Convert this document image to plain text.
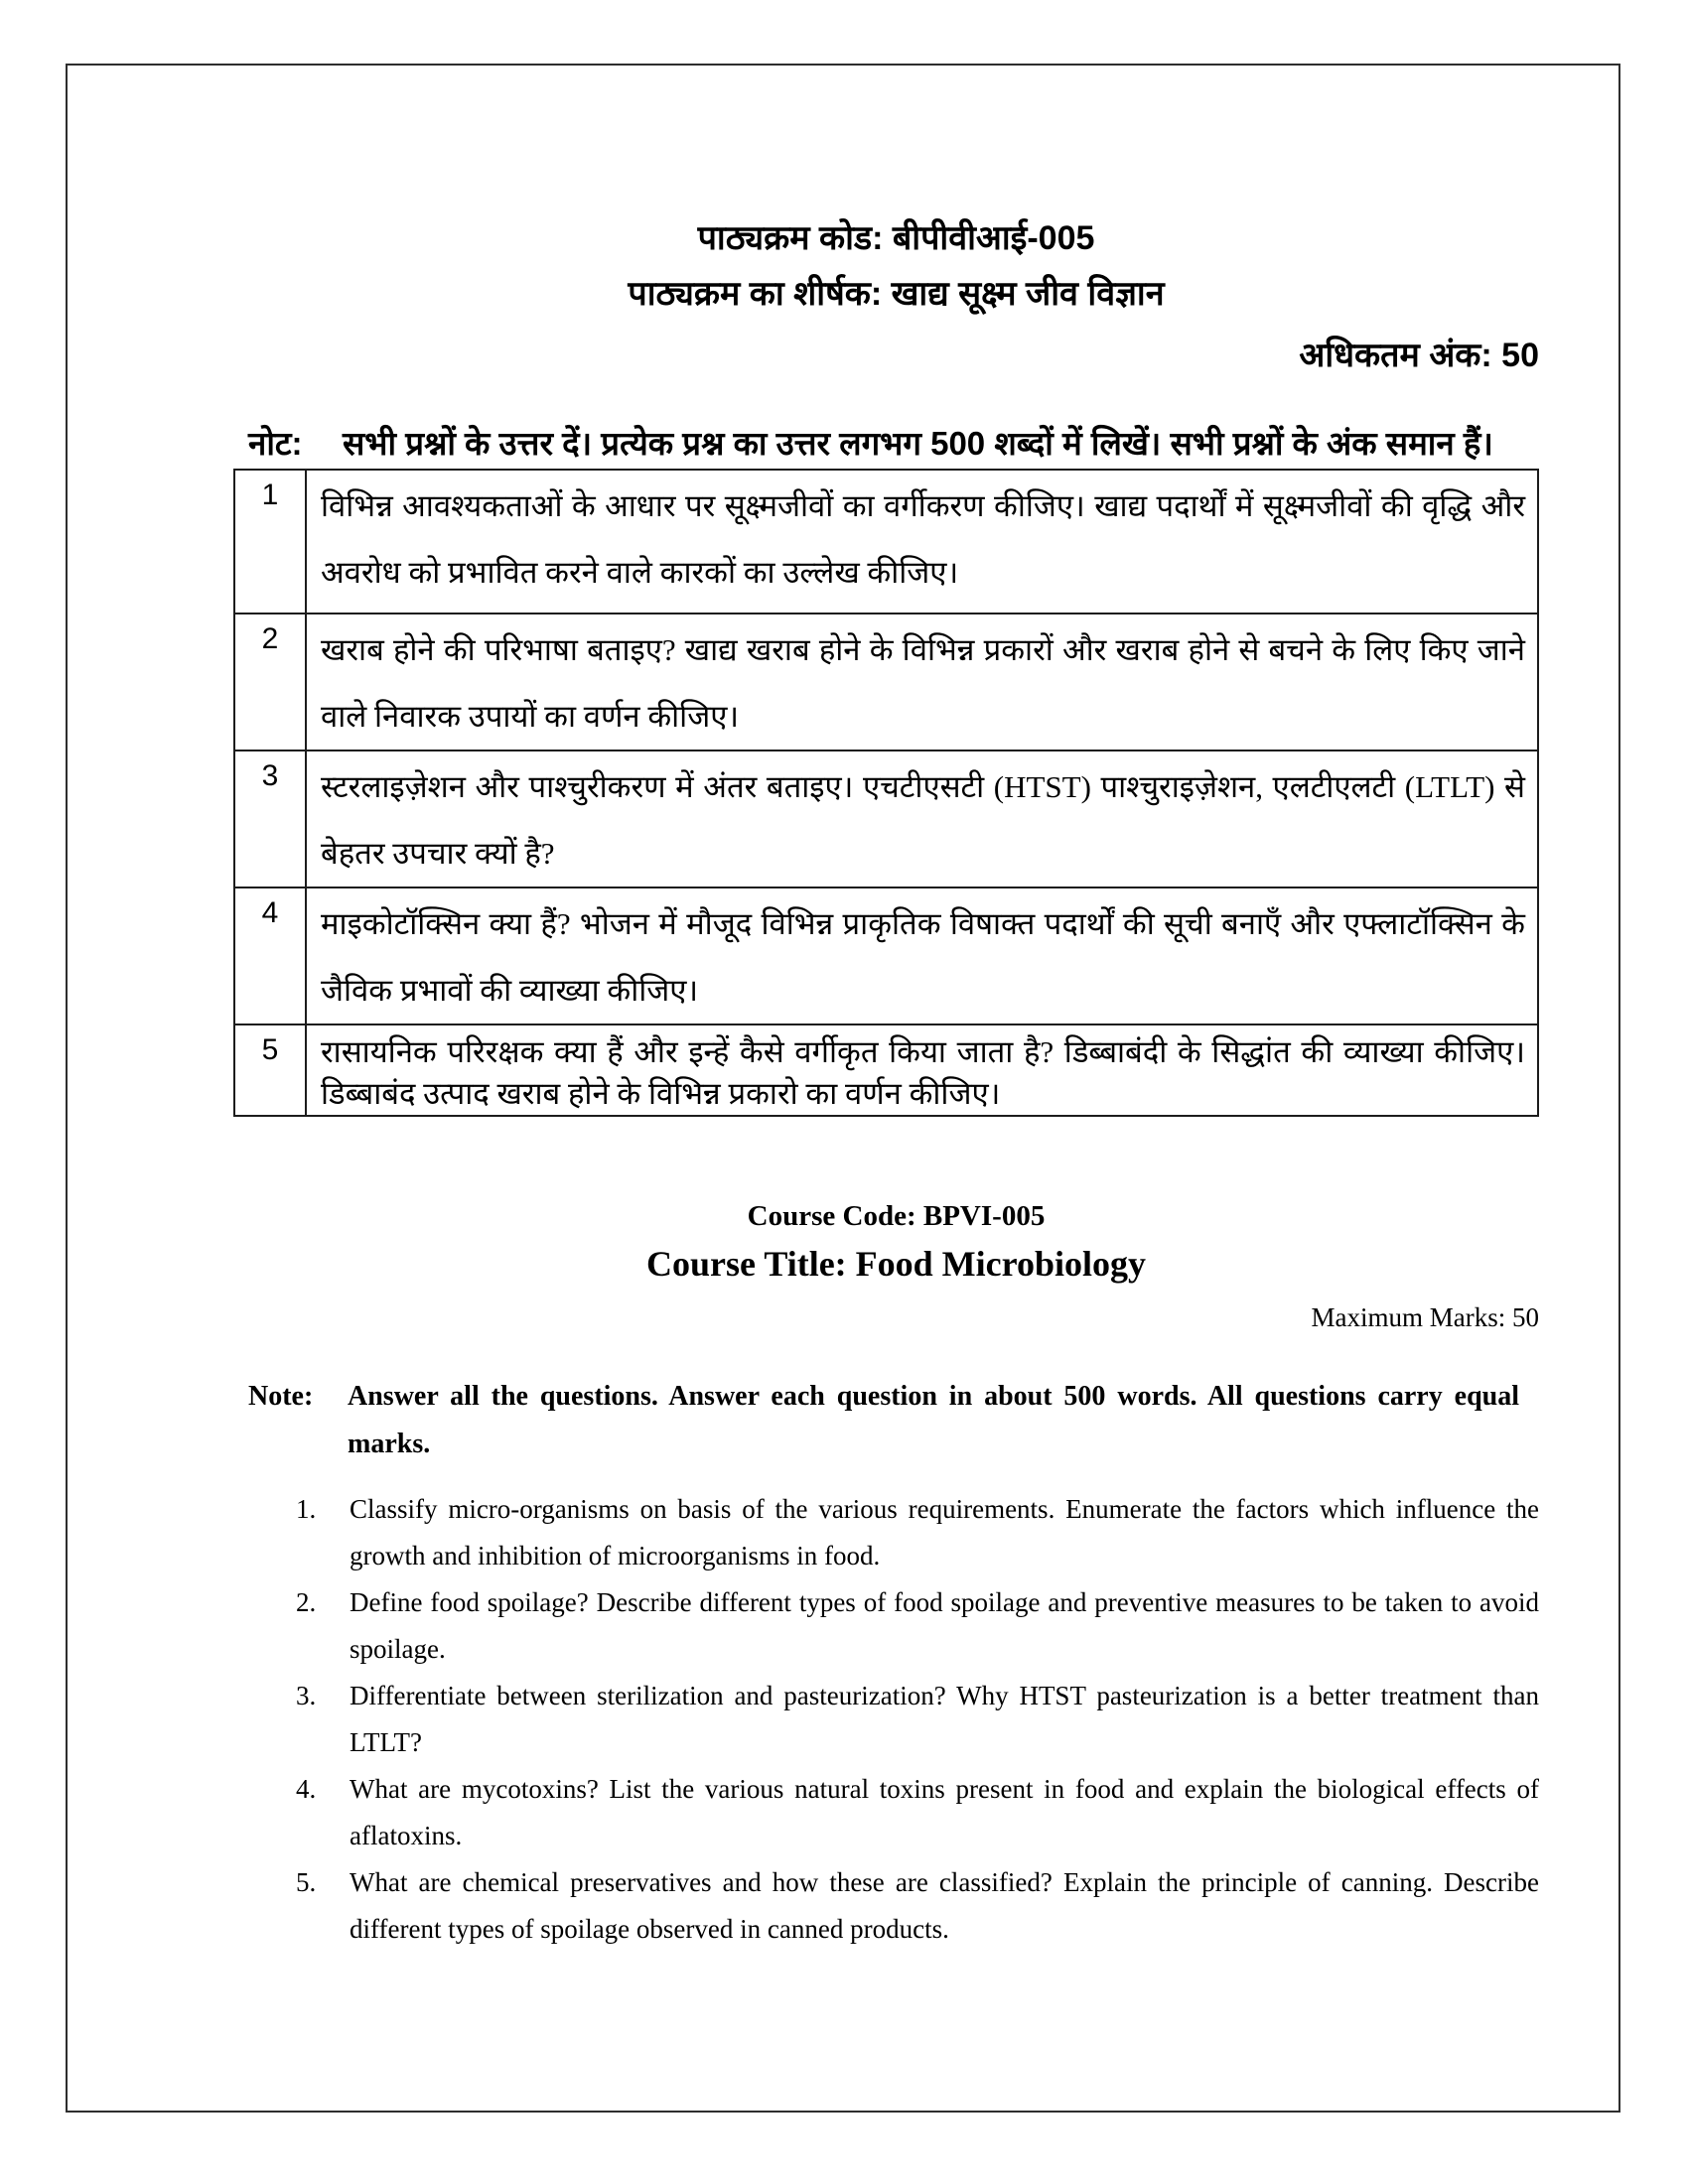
पाठ्यक्रम कोड: बीपीवीआई-005
पाठ्यक्रम का शीर्षक: खाद्य सूक्ष्म जीव विज्ञान
अधिकतम अंक: 50
नोट:	सभी प्रश्नों के उत्तर दें। प्रत्येक प्रश्न का उत्तर लगभग 500 शब्दों में लिखें। सभी प्रश्नों के अंक समान हैं।
1	विभिन्न आवश्यकताओं के आधार पर सूक्ष्मजीवों का वर्गीकरण कीजिए। खाद्य पदार्थों में सूक्ष्मजीवों की वृद्धि और अवरोध को प्रभावित करने वाले कारकों का उल्लेख कीजिए।
2	खराब होने की परिभाषा बताइए? खाद्य खराब होने के विभिन्न प्रकारों और खराब होने से बचने के लिए किए जाने वाले निवारक उपायों का वर्णन कीजिए।
3	स्टरलाइज़ेशन और पाश्चुरीकरण में अंतर बताइए। एचटीएसटी (HTST) पाश्चुराइज़ेशन, एलटीएलटी (LTLT) से बेहतर उपचार क्यों है?
4	माइकोटॉक्सिन क्या हैं? भोजन में मौजूद विभिन्न प्राकृतिक विषाक्त पदार्थों की सूची बनाएँ और एफ्लाटॉक्सिन के जैविक प्रभावों की व्याख्या कीजिए।
5	रासायनिक परिरक्षक क्या हैं और इन्हें कैसे वर्गीकृत किया जाता है? डिब्बाबंदी के सिद्धांत की व्याख्या कीजिए। डिब्बाबंद उत्पाद खराब होने के विभिन्न प्रकारो का वर्णन कीजिए।
Course Code: BPVI-005
Course Title: Food Microbiology
Maximum Marks: 50
Note:	Answer all the questions. Answer each question in about 500 words. All questions carry equal marks.
1.	Classify micro-organisms on basis of the various requirements. Enumerate the factors which influence the growth and inhibition of microorganisms in food.
2.	Define food spoilage? Describe different types of food spoilage and preventive measures to be taken to avoid spoilage.
3.	Differentiate between sterilization and pasteurization? Why HTST pasteurization is a better treatment than LTLT?
4.	What are mycotoxins? List the various natural toxins present in food and explain the biological effects of aflatoxins.
5.	What are chemical preservatives and how these are classified? Explain the principle of canning. Describe different types of spoilage observed in canned products.
